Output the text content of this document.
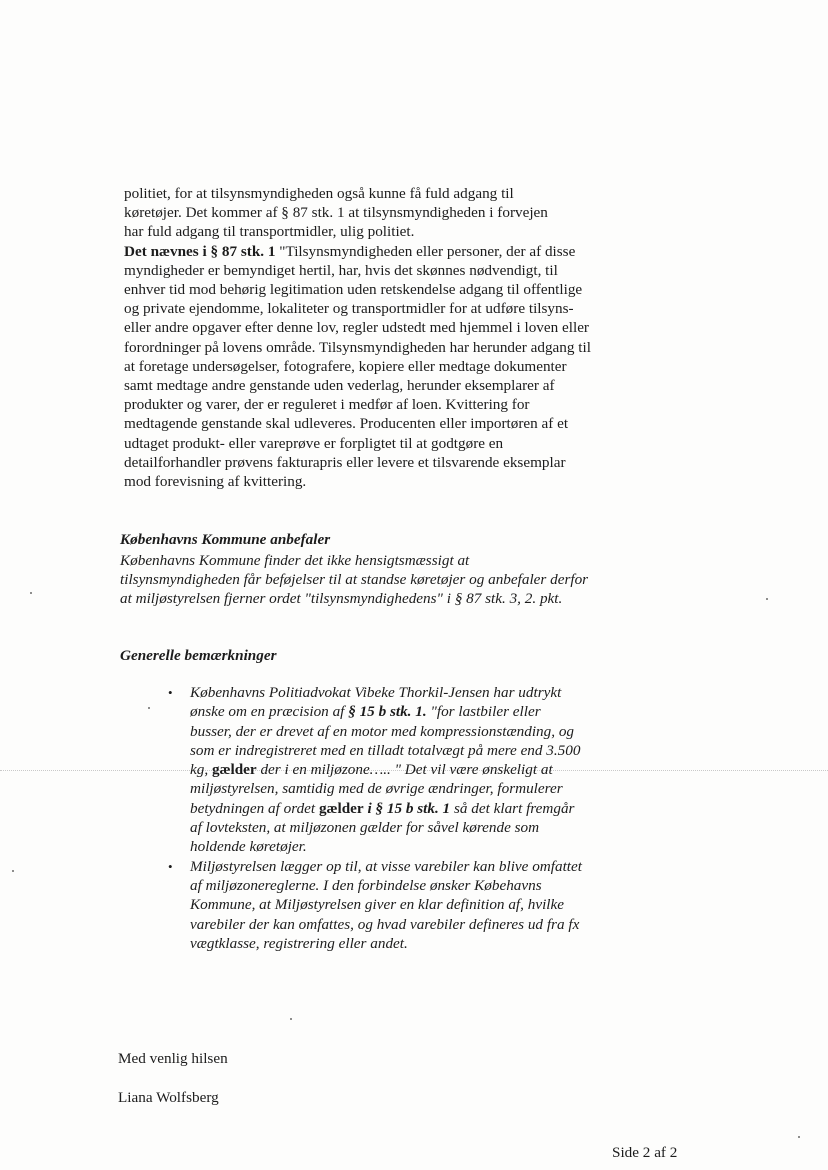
politiet, for at tilsynsmyndigheden også kunne få fuld adgang til

køretøjer. Det kommer af § 87 stk. 1 at tilsynsmyndigheden i forvejen

har fuld adgang til transportmidler, ulig politiet.

Det nævnes i § 87 stk. 1 "Tilsynsmyndigheden eller personer, der af disse myndigheder er bemyndiget hertil, har, hvis det skønnes nødvendigt, til enhver tid mod behørig legitimation uden retskendelse adgang til offentlige og private ejendomme, lokaliteter og transportmidler for at udføre tilsyns- eller andre opgaver efter denne lov, regler udstedt med hjemmel i loven eller forordninger på lovens område. Tilsynsmyndigheden har herunder adgang til at foretage undersøgelser, fotografere, kopiere eller medtage dokumenter samt medtage andre genstande uden vederlag, herunder eksemplarer af produkter og varer, der er reguleret i medfør af loen. Kvittering for medtagende genstande skal udleveres. Producenten eller importøren af et udtaget produkt- eller vareprøve er forpligtet til at godtgøre en detailforhandler prøvens fakturapris eller levere et tilsvarende eksemplar mod forevisning af kvittering.

Københavns Kommune anbefaler
Københavns Kommune finder det ikke hensigtsmæssigt at tilsynsmyndigheden får beføjelser til at standse køretøjer og anbefaler derfor at miljøstyrelsen fjerner ordet "tilsynsmyndighedens" i § 87 stk. 3, 2. pkt.
Generelle bemærkninger
• Københavns Politiadvokat Vibeke Thorkil-Jensen har udtrykt ønske om en præcision af § 15 b stk. 1. "for lastbiler eller busser, der er drevet af en motor med kompressionstænding, og som er indregistreret med en tilladt totalvægt på mere end 3.500 kg, gælder der i en miljøzone….. " Det vil være ønskeligt at miljøstyrelsen, samtidig med de øvrige ændringer, formulerer betydningen af ordet gælder i § 15 b stk. 1 så det klart fremgår af lovteksten, at miljøzonen gælder for såvel kørende som holdende køretøjer.
• Miljøstyrelsen lægger op til, at visse varebiler kan blive omfattet af miljøzonereglerne. I den forbindelse ønsker Købehavns Kommune, at Miljøstyrelsen giver en klar definition af, hvilke varebiler der kan omfattes, og hvad varebiler defineres ud fra fx vægtklasse, registrering eller andet.
Med venlig hilsen
Liana Wolfsberg
Side 2 af 2
